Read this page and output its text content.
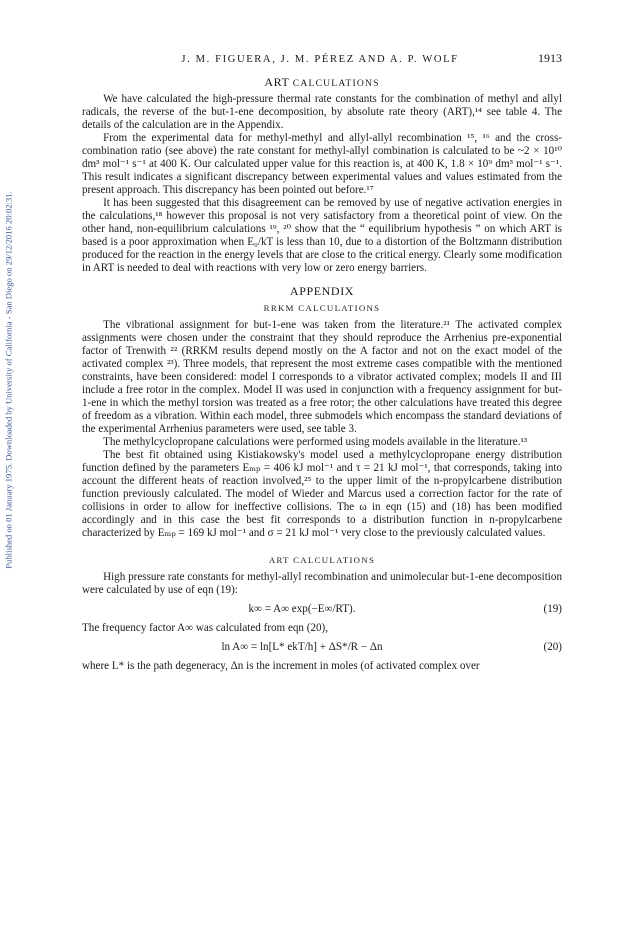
Published on 01 January 1975. Downloaded by University of California - San Diego on 29/12/2016 20:02:31.
J. M. FIGUERA, J. M. PÉREZ AND A. P. WOLF	1913
ART CALCULATIONS

We have calculated the high-pressure thermal rate constants for the combination of methyl and allyl radicals, the reverse of the but-1-ene decomposition, by absolute rate theory (ART),¹⁴ see table 4. The details of the calculation are in the Appendix.

From the experimental data for methyl-methyl and allyl-allyl recombination ¹⁵, ¹⁶ and the cross-combination ratio (see above) the rate constant for methyl-allyl combination is calculated to be ~2 × 10¹⁰ dm³ mol⁻¹ s⁻¹ at 400 K. Our calculated upper value for this reaction is, at 400 K, 1.8 × 10⁹ dm³ mol⁻¹ s⁻¹. This result indicates a significant discrepancy between experimental values and values estimated from the present approach. This discrepancy has been pointed out before.¹⁷

It has been suggested that this disagreement can be removed by use of negative activation energies in the calculations,¹⁸ however this proposal is not very satisfactory from a theoretical point of view. On the other hand, non-equilibrium calculations ¹⁹, ²⁰ show that the “ equilibrium hypothesis ” on which ART is based is a poor approximation when E₀/kT is less than 10, due to a distortion of the Boltzmann distribution produced for the reaction in the energy levels that are close to the critical energy. Clearly some modification in ART is needed to deal with reactions with very low or zero energy barriers.

APPENDIX
RRKM CALCULATIONS

The vibrational assignment for but-1-ene was taken from the literature.²¹ The activated complex assignments were chosen under the constraint that they should reproduce the Arrhenius pre-exponential factor of Trenwith ²² (RRKM results depend mostly on the A factor and not on the exact model of the activated complex ²³). Three models, that represent the most extreme cases compatible with the mentioned constraints, have been considered: model I corresponds to a vibrator activated complex; models II and III include a free rotor in the complex. Model II was used in conjunction with a frequency assignment for but-1-ene in which the methyl torsion was treated as a free rotor; the other calculations have treated this degree of freedom as a vibration. Within each model, three submodels which encompass the standard deviations of the experimental Arrhenius parameters were used, see table 3.

The methylcyclopropane calculations were performed using models available in the literature.¹³

The best fit obtained using Kistiakowsky's model used a methylcyclopropane energy distribution function defined by the parameters Eₘₚ = 406 kJ mol⁻¹ and τ = 21 kJ mol⁻¹, that corresponds, taking into account the different heats of reaction involved,²⁵ to the upper limit of the n-propylcarbene distribution function previously calculated. The model of Wieder and Marcus used a correction factor for the rate of collisions in order to allow for ineffective collisions. The ω in eqn (15) and (18) has been modified accordingly and in this case the best fit corresponds to a distribution function in n-propylcarbene characterized by Eₘₚ = 169 kJ mol⁻¹ and σ = 21 kJ mol⁻¹ very close to the previously calculated values.

ART CALCULATIONS

High pressure rate constants for methyl-allyl recombination and unimolecular but-1-ene decomposition were calculated by use of eqn (19):

k∞ = A∞ exp(−E∞/RT).	(19)

The frequency factor A∞ was calculated from eqn (20),

ln A∞ = ln[L* ekT/h] + ΔS*/R − Δn	(20)

where L* is the path degeneracy, Δn is the increment in moles (of activated complex over
